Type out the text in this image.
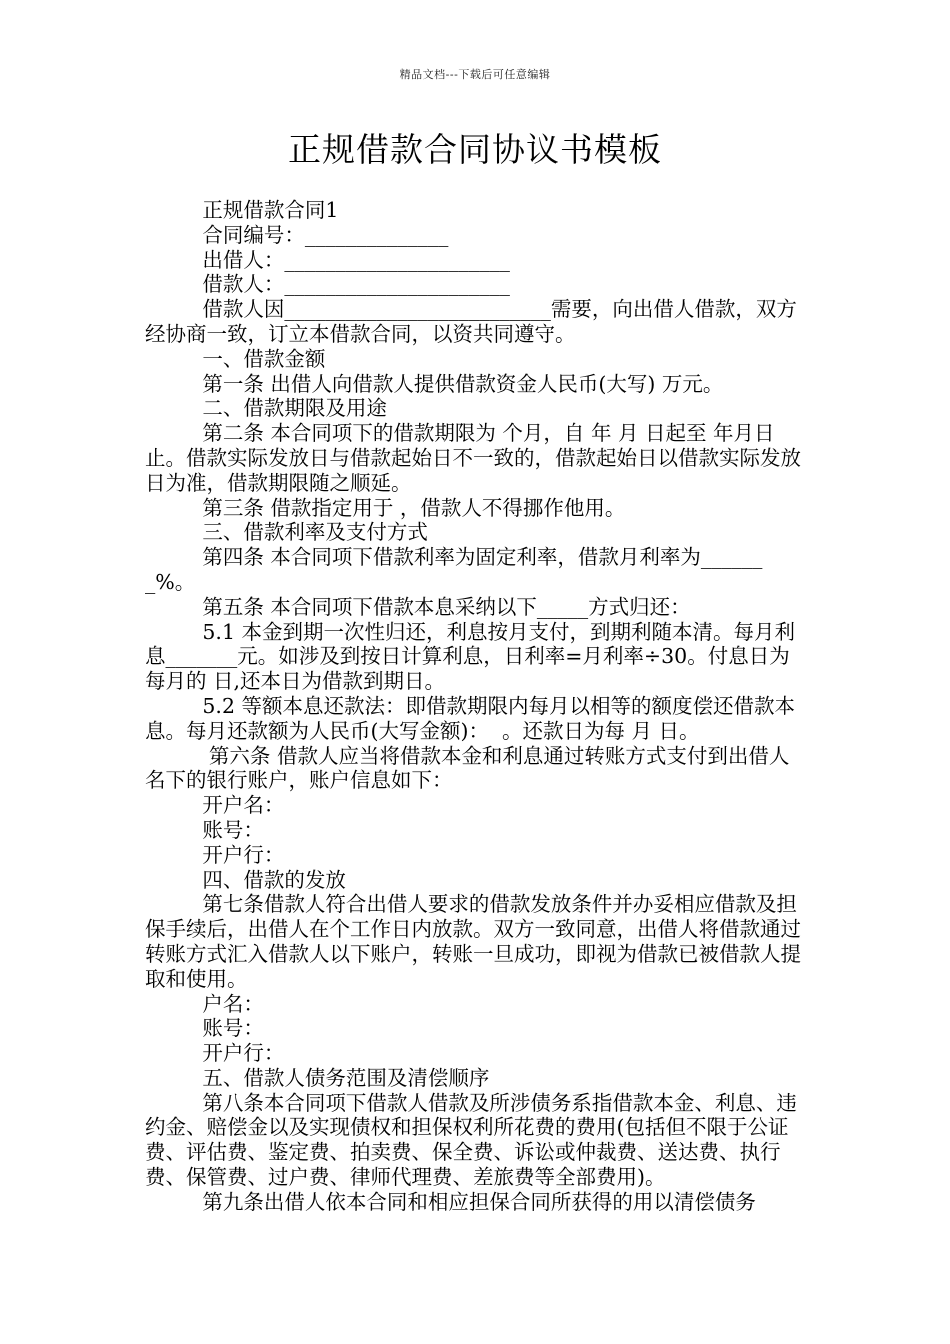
精品文档---下载后可任意编辑
正规借款合同协议书模板

正规借款合同1

合同编号：______________

出借人：______________________

借款人：______________________

借款人因__________________________需要，向出借人借款，双方经协商一致，订立本借款合同，以资共同遵守。

一、借款金额

第一条 出借人向借款人提供借款资金人民币(大写) 万元。

二、借款期限及用途

第二条 本合同项下的借款期限为 个月，自 年 月 日起至 年月日止。借款实际发放日与借款起始日不一致的，借款起始日以借款实际发放日为准，借款期限随之顺延。

第三条 借款指定用于 ，借款人不得挪作他用。

三、借款利率及支付方式

第四条 本合同项下借款利率为固定利率，借款月利率为_______%。

第五条 本合同项下借款本息采纳以下_____方式归还：

5.1 本金到期一次性归还，利息按月支付，到期利随本清。每月利息_______元。如涉及到按日计算利息，日利率=月利率÷30。付息日为每月的 日,还本日为借款到期日。

5.2 等额本息还款法：即借款期限内每月以相等的额度偿还借款本息。每月还款额为人民币(大写金额)：  。还款日为每 月 日。

第六条 借款人应当将借款本金和利息通过转账方式支付到出借人名下的银行账户，账户信息如下：

开户名：

账号：

开户行：

四、借款的发放

第七条借款人符合出借人要求的借款发放条件并办妥相应借款及担保手续后，出借人在个工作日内放款。双方一致同意，出借人将借款通过转账方式汇入借款人以下账户，转账一旦成功，即视为借款已被借款人提取和使用。

户名：

账号：

开户行：

五、借款人债务范围及清偿顺序

第八条本合同项下借款人借款及所涉债务系指借款本金、利息、违约金、赔偿金以及实现债权和担保权利所花费的费用(包括但不限于公证费、评估费、鉴定费、拍卖费、保全费、诉讼或仲裁费、送达费、执行费、保管费、过户费、律师代理费、差旅费等全部费用)。

第九条出借人依本合同和相应担保合同所获得的用以清偿债务
